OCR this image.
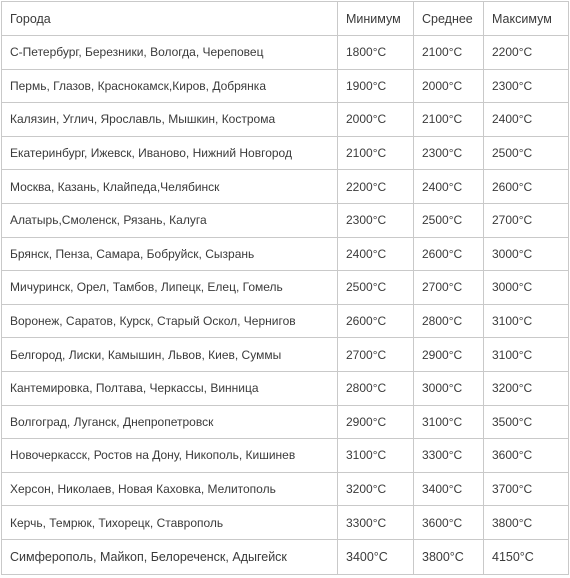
Города	Минимум	Среднее	Максимум
С-Петербург, Березники, Вологда, Череповец	1800°C	2100°C	2200°C
Пермь, Глазов, Краснокамск,Киров, Добрянка	1900°C	2000°C	2300°C
Калязин, Углич, Ярославль, Мышкин, Кострома	2000°C	2100°C	2400°C
Екатеринбург, Ижевск, Иваново, Нижний Новгород	2100°C	2300°C	2500°C
Москва, Казань, Клайпеда,Челябинск	2200°C	2400°C	2600°C
Алатырь,Смоленск, Рязань, Калуга	2300°C	2500°C	2700°C
Брянск, Пенза, Самара, Бобруйск, Сызрань	2400°C	2600°C	3000°C
Мичуринск, Орел, Тамбов, Липецк, Елец, Гомель	2500°C	2700°C	3000°C
Воронеж, Саратов, Курск, Старый Оскол, Чернигов	2600°C	2800°C	3100°C
Белгород, Лиски, Камышин, Львов, Киев, Суммы	2700°C	2900°C	3100°C
Кантемировка, Полтава, Черкассы, Винница	2800°C	3000°C	3200°C
Волгоград, Луганск, Днепропетровск	2900°C	3100°C	3500°C
Новочеркасск, Ростов на Дону, Никополь, Кишинев	3100°C	3300°C	3600°C
Херсон, Николаев, Новая Каховка, Мелитополь	3200°C	3400°C	3700°C
Керчь, Темрюк, Тихорецк, Ставрополь	3300°C	3600°C	3800°C
Симферополь, Майкоп, Белореченск, Адыгейск	3400°C	3800°C	4150°C
